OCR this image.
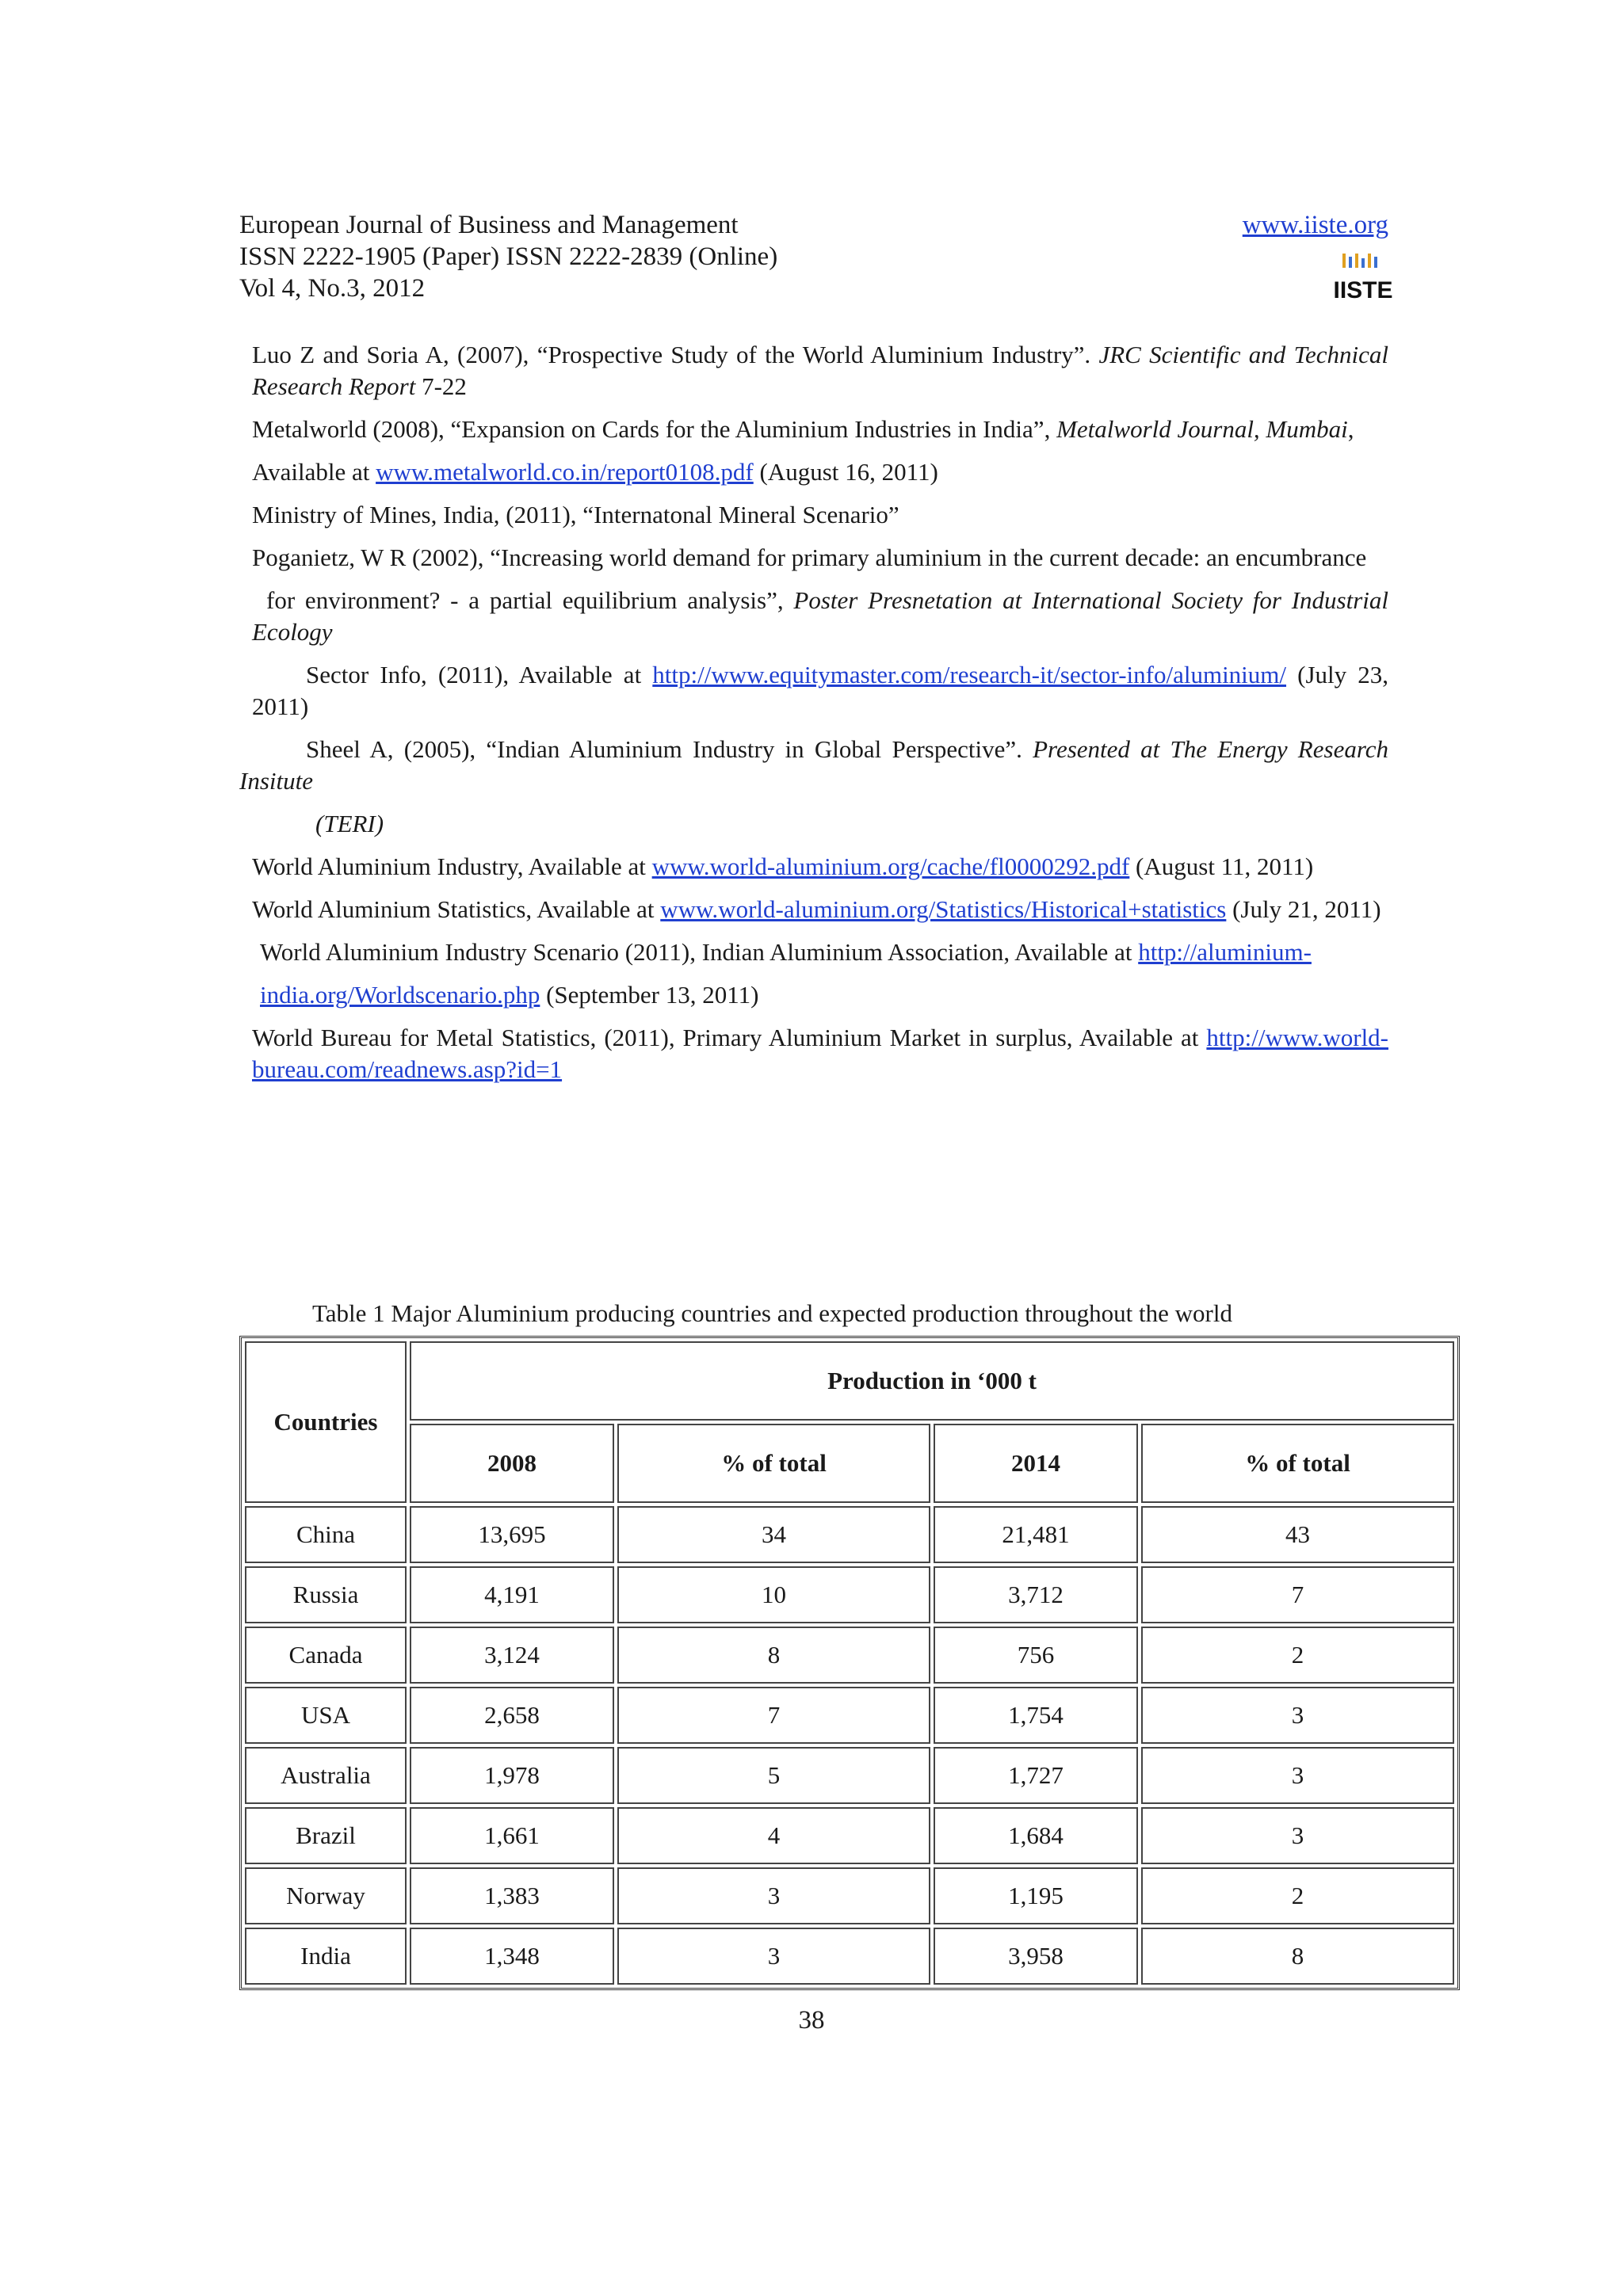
European Journal of Business and Management
ISSN 2222-1905 (Paper) ISSN 2222-2839 (Online)
Vol 4, No.3, 2012
www.iiste.org
IISTE
Luo Z and Soria A, (2007), “Prospective Study of the World Aluminium Industry”. JRC Scientific and Technical Research Report 7-22
Metalworld (2008), “Expansion on Cards for the Aluminium Industries in India”, Metalworld Journal, Mumbai,
Available at www.metalworld.co.in/report0108.pdf (August 16, 2011)
Ministry of Mines, India, (2011), “Internatonal Mineral Scenario”
Poganietz, W R (2002), “Increasing world demand for primary aluminium in the current decade: an encumbrance
for environment? - a partial equilibrium analysis”, Poster Presnetation at International Society for Industrial Ecology
Sector Info, (2011), Available at http://www.equitymaster.com/research-it/sector-info/aluminium/ (July 23, 2011)
Sheel A, (2005), “Indian Aluminium Industry in Global Perspective”. Presented at The Energy Research Insitute
(TERI)
World Aluminium Industry, Available at www.world-aluminium.org/cache/fl0000292.pdf (August 11, 2011)
World Aluminium Statistics, Available at www.world-aluminium.org/Statistics/Historical+statistics (July 21, 2011)
World Aluminium Industry Scenario (2011), Indian Aluminium Association, Available at http://aluminium-
india.org/Worldscenario.php (September 13, 2011)
World Bureau for Metal Statistics, (2011), Primary Aluminium Market in surplus, Available at http://www.world-bureau.com/readnews.asp?id=1
Table 1 Major Aluminium producing countries and expected production throughout the world
Countries	Production in ‘000 t			
	2008	% of total	2014	% of total
China	13,695	34	21,481	43
Russia	4,191	10	3,712	7
Canada	3,124	8	756	2
USA	2,658	7	1,754	3
Australia	1,978	5	1,727	3
Brazil	1,661	4	1,684	3
Norway	1,383	3	1,195	2
India	1,348	3	3,958	8
38
